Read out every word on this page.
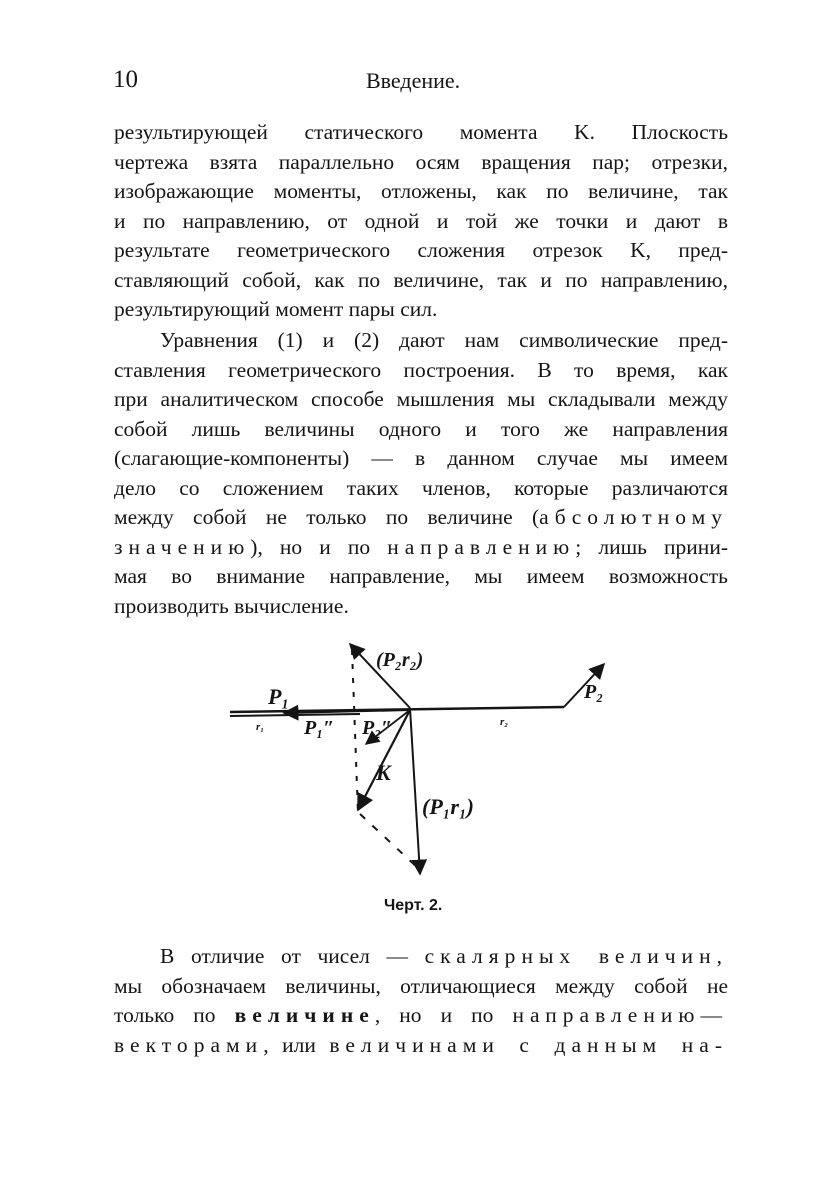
10	Введение.
результирующей статического момента K. Плоскость
чертежа взята параллельно осям вращения пар; отрезки,
изображающие моменты, отложены, как по величине, так
и по направлению, от одной и той же точки и дают в
результате геометрического сложения отрезок K, пред-
ставляющий собой, как по величине, так и по направлению,
результирующий момент пары сил.
Уравнения (1) и (2) дают нам символические пред-
ставления геометрического построения. В то время, как
при аналитическом способе мышления мы складывали между
собой лишь величины одного и того же направления
(слагающие-компоненты) — в данном случае мы имеем
дело со сложением таких членов, которые различаются
между собой не только по величине (абсолютному
значению), но и по направлению; лишь прини-
мая во внимание направление, мы имеем возможность
производить вычисление.
P₁
P₁″ P₂″
P₂
K
(P₂r₂)
(P₁r₁)
r₁	r₂
Черт. 2.
В отличие от чисел — скалярных величин,
мы обозначаем величины, отличающиеся между собой не
только по величине, но и по направлению—
векторами, или величинами с данным на-
